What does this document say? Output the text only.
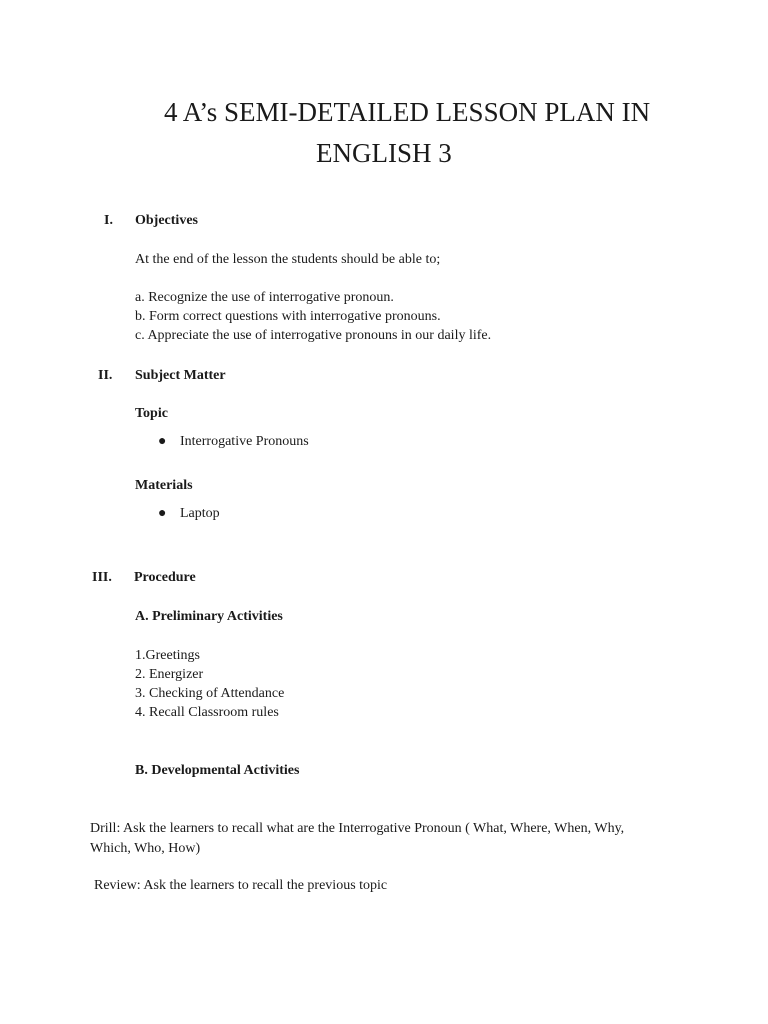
4 A’s SEMI-DETAILED LESSON PLAN IN
ENGLISH 3
I. Objectives
At the end of the lesson the students should be able to;
a. Recognize the use of interrogative pronoun.
b. Form correct questions with interrogative pronouns.
c. Appreciate the use of interrogative pronouns in our daily life.
II. Subject Matter
Topic
● Interrogative Pronouns
Materials
● Laptop
III. Procedure
A. Preliminary Activities
1.Greetings
2. Energizer
3. Checking of Attendance
4. Recall Classroom rules
B. Developmental Activities
Drill: Ask the learners to recall what are the Interrogative Pronoun ( What, Where, When, Why,
Which, Who, How)
Review: Ask the learners to recall the previous topic
